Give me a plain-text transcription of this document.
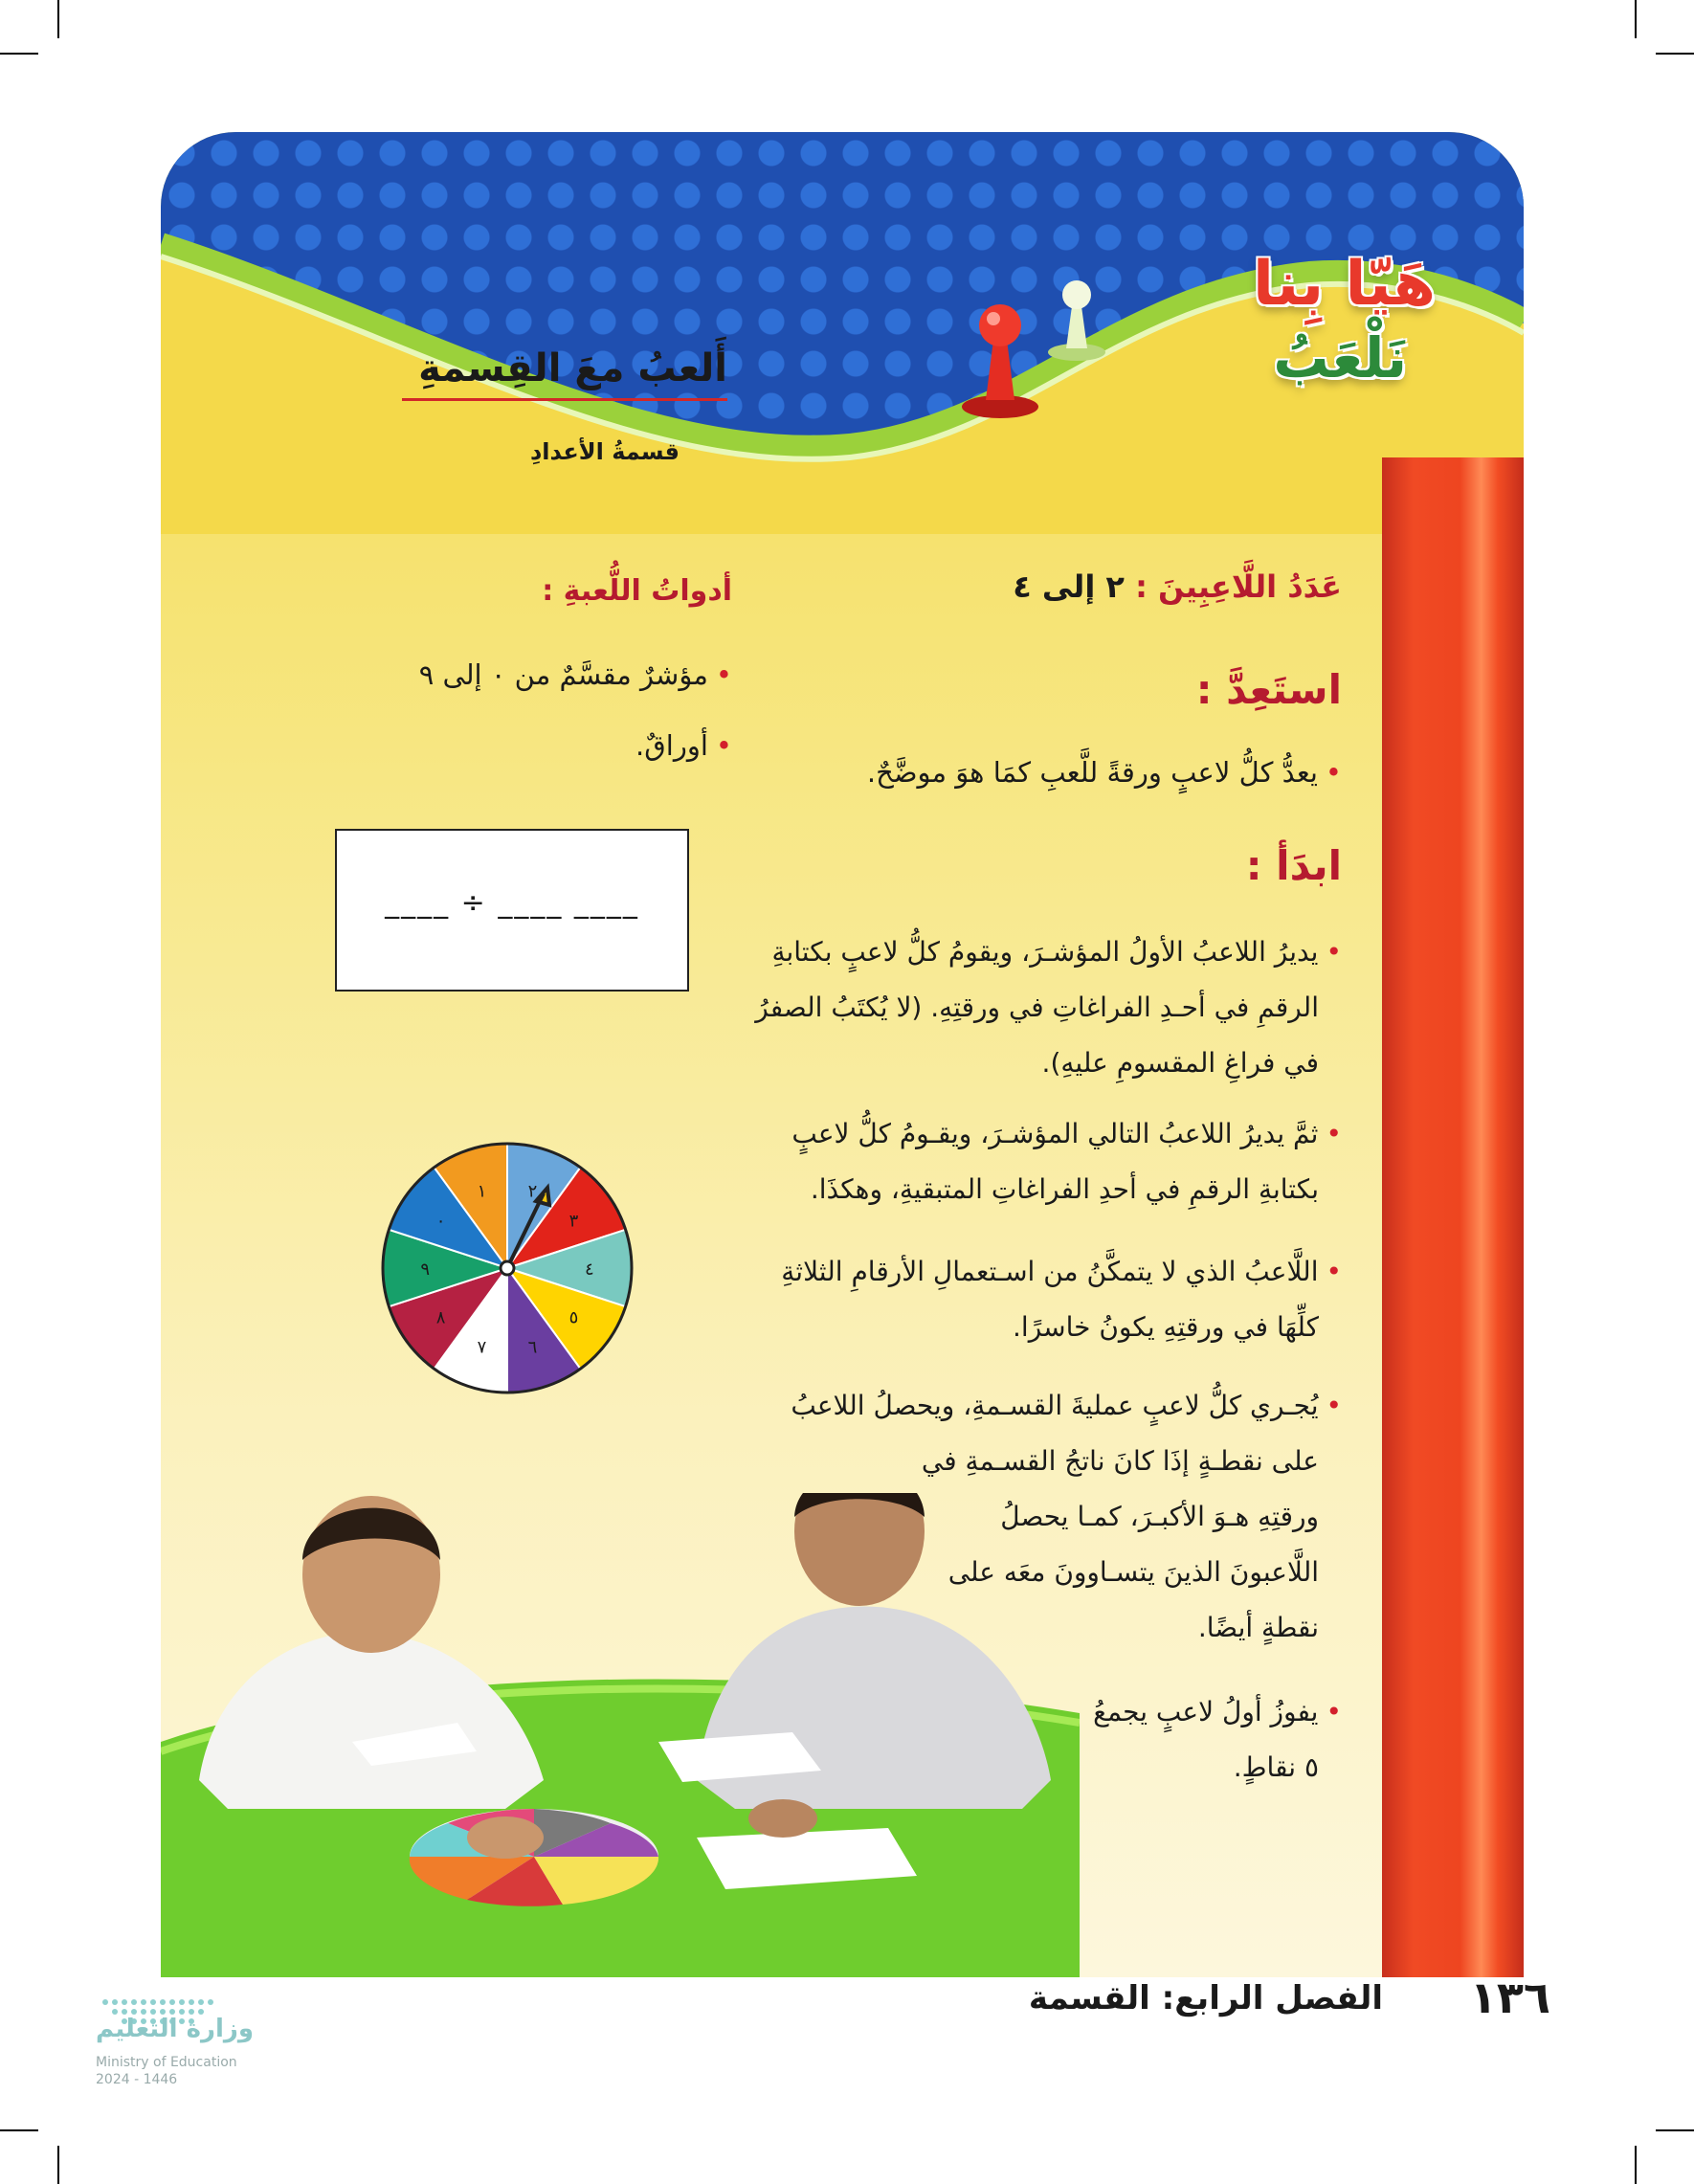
هَيّا بِنا
نَلْعَبُ
أَلعبُ معَ القِسمةِ
قسمةُ الأعدادِ
أدواتُ اللُّعبةِ :
•مؤشرٌ مقسَّمٌ من ٠ إلى ٩
•أوراقٌ.
____ ÷ ____ ____
١ ٢
٣
٤
٥
٦
٧
٨
٩
٠
عَدَدُ اللَّاعِبِينَ : ٢ إلى ٤
استَعِدَّ :
•يعدُّ كلُّ لاعبٍ ورقةً للَّعبِ كمَا هوَ موضَّحٌ.
ابدَأ :
•يديرُ اللاعبُ الأولُ المؤشـرَ، ويقومُ كلُّ لاعبٍ بكتابةِ
الرقمِ في أحـدِ الفراغاتِ في ورقتِهِ. (لا يُكتَبُ الصفرُ
في فراغِ المقسومِ عليهِ).
•ثمَّ يديرُ اللاعبُ التالي المؤشـرَ، ويقـومُ كلُّ لاعبٍ
بكتابةِ الرقمِ في أحدِ الفراغاتِ المتبقيةِ، وهكذَا.
•اللَّاعبُ الذي لا يتمكَّنُ من اسـتعمالِ الأرقامِ الثلاثةِ
كلِّهَا في ورقتِهِ يكونُ خاسرًا.
•يُجـري كلُّ لاعبٍ عمليةَ القسـمةِ، ويحصلُ اللاعبُ
على نقطـةٍ إذَا كانَ ناتجُ القسـمةِ في
ورقتِهِ هـوَ الأكبـرَ، كمـا يحصلُ
اللَّاعبونَ الذينَ يتسـاوونَ معَه على
نقطةٍ أيضًا.
•يفوزُ أولُ لاعبٍ يجمعُ
٥ نقاطٍ.
الفصل الرابع: القسمة ١٣٦
وزارة التعليم
Ministry of Education
2024 - 1446
